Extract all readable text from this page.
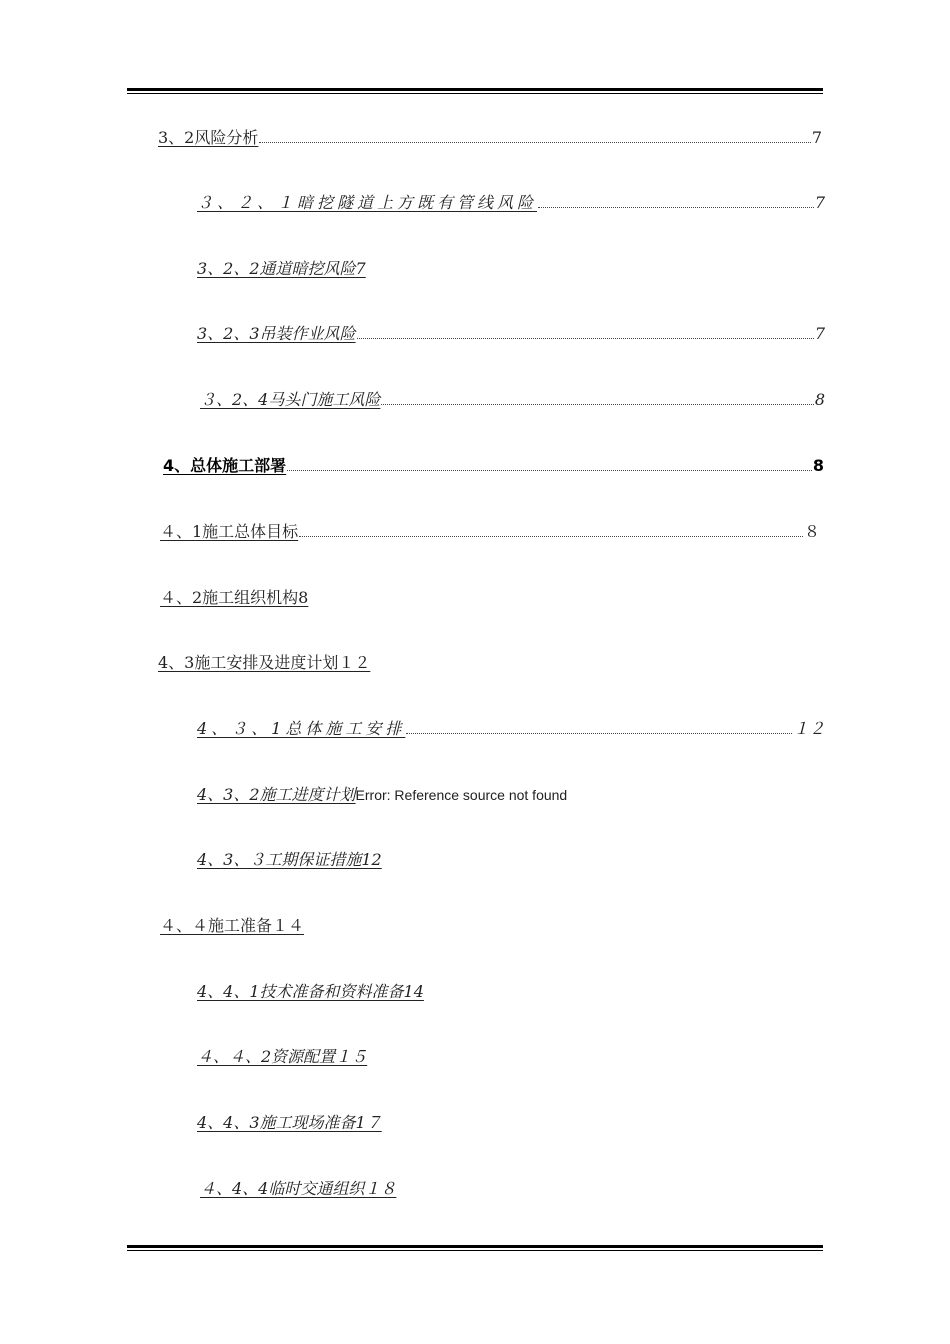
3、2风险分析	7
３、２、１暗挖隧道上方既有管线风险	7
3、2、2通道暗挖风险7
3、2、3吊装作业风险	7
３、2、4马头门施工风险	8
4、总体施工部署	8
４、1施工总体目标	８
４、2施工组织机构8
4、3施工安排及进度计划１２
4、３、1总体施工安排	１２
4、3、2施工进度计划 Error: Reference source not found
4、3、３工期保证措施12
４、４施工准备１４
4、4、1技术准备和资料准备14
４、４、2资源配置１５
4、4、3施工现场准备1７
４、4、4临时交通组织１８
